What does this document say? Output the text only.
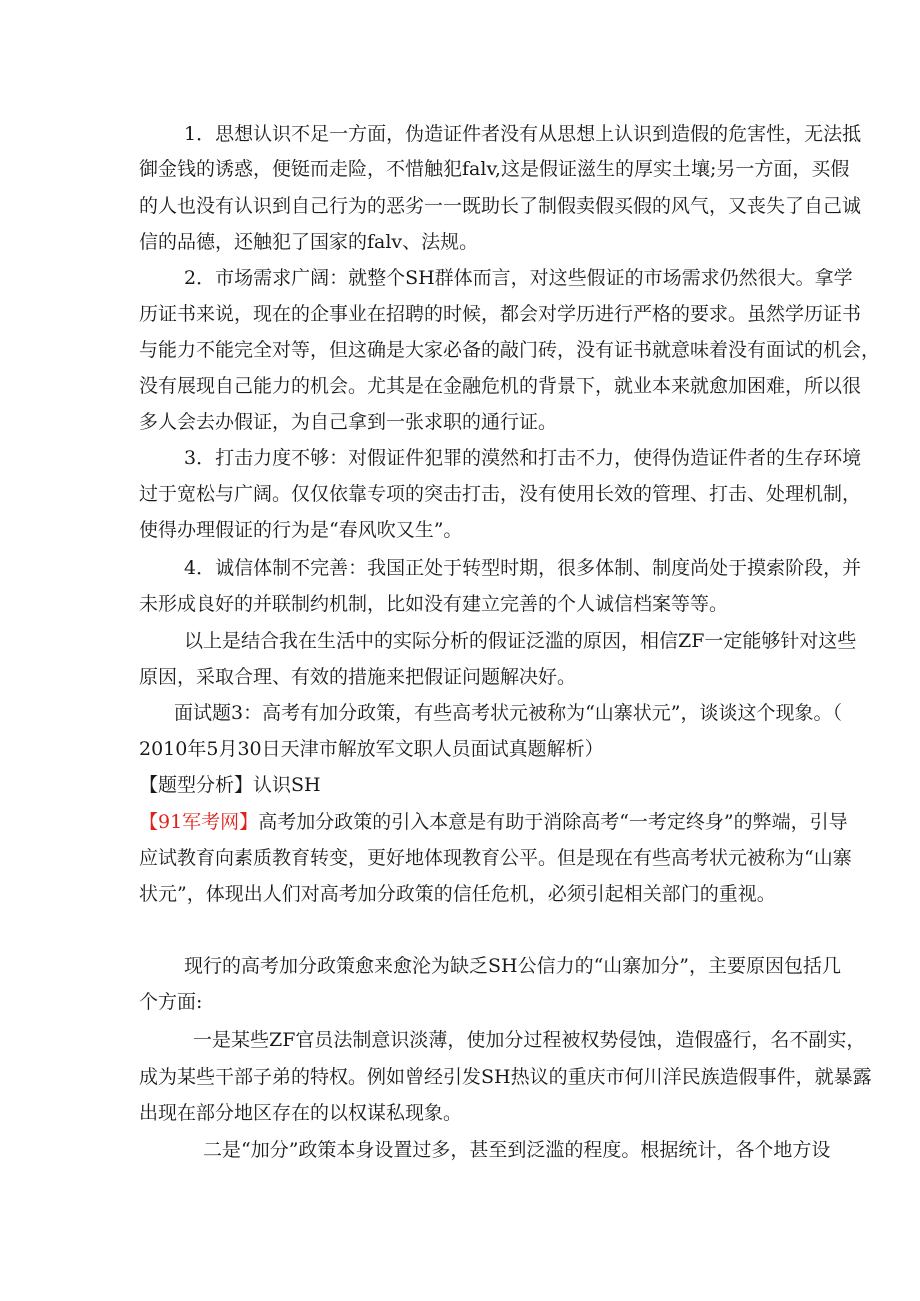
1．思想认识不足一方面，伪造证件者没有从思想上认识到造假的危害性，无法抵

御金钱的诱惑，便铤而走险，不惜触犯falv,这是假证滋生的厚实土壤;另一方面，买假

的人也没有认识到自己行为的恶劣一一既助长了制假卖假买假的风气，又丧失了自己诚

信的品德，还触犯了国家的falv、法规。

2．市场需求广阔：就整个SH群体而言，对这些假证的市场需求仍然很大。拿学

历证书来说，现在的企事业在招聘的时候，都会对学历进行严格的要求。虽然学历证书

与能力不能完全对等，但这确是大家必备的敲门砖，没有证书就意味着没有面试的机会，

没有展现自己能力的机会。尤其是在金融危机的背景下，就业本来就愈加困难，所以很

多人会去办假证，为自己拿到一张求职的通行证。

3．打击力度不够：对假证件犯罪的漠然和打击不力，使得伪造证件者的生存环境

过于宽松与广阔。仅仅依靠专项的突击打击，没有使用长效的管理、打击、处理机制，

使得办理假证的行为是“春风吹又生”。

4．诚信体制不完善：我国正处于转型时期，很多体制、制度尚处于摸索阶段，并

未形成良好的并联制约机制，比如没有建立完善的个人诚信档案等等。

以上是结合我在生活中的实际分析的假证泛滥的原因，相信ZF一定能够针对这些

原因，采取合理、有效的措施来把假证问题解决好。

面试题3：高考有加分政策，有些高考状元被称为“山寨状元”，谈谈这个现象。（

2010年5月30日天津市解放军文职人员面试真题解析）

【题型分析】认识SH

【91军考网】高考加分政策的引入本意是有助于消除高考“一考定终身”的弊端，引导

应试教育向素质教育转变，更好地体现教育公平。但是现在有些高考状元被称为“山寨

状元”，体现出人们对高考加分政策的信任危机，必须引起相关部门的重视。

现行的高考加分政策愈来愈沦为缺乏SH公信力的“山寨加分”，主要原因包括几

个方面:

一是某些ZF官员法制意识淡薄，使加分过程被权势侵蚀，造假盛行，名不副实，

成为某些干部子弟的特权。例如曾经引发SH热议的重庆市何川洋民族造假事件，就暴露

出现在部分地区存在的以权谋私现象。

二是“加分”政策本身设置过多，甚至到泛滥的程度。根据统计，各个地方设
